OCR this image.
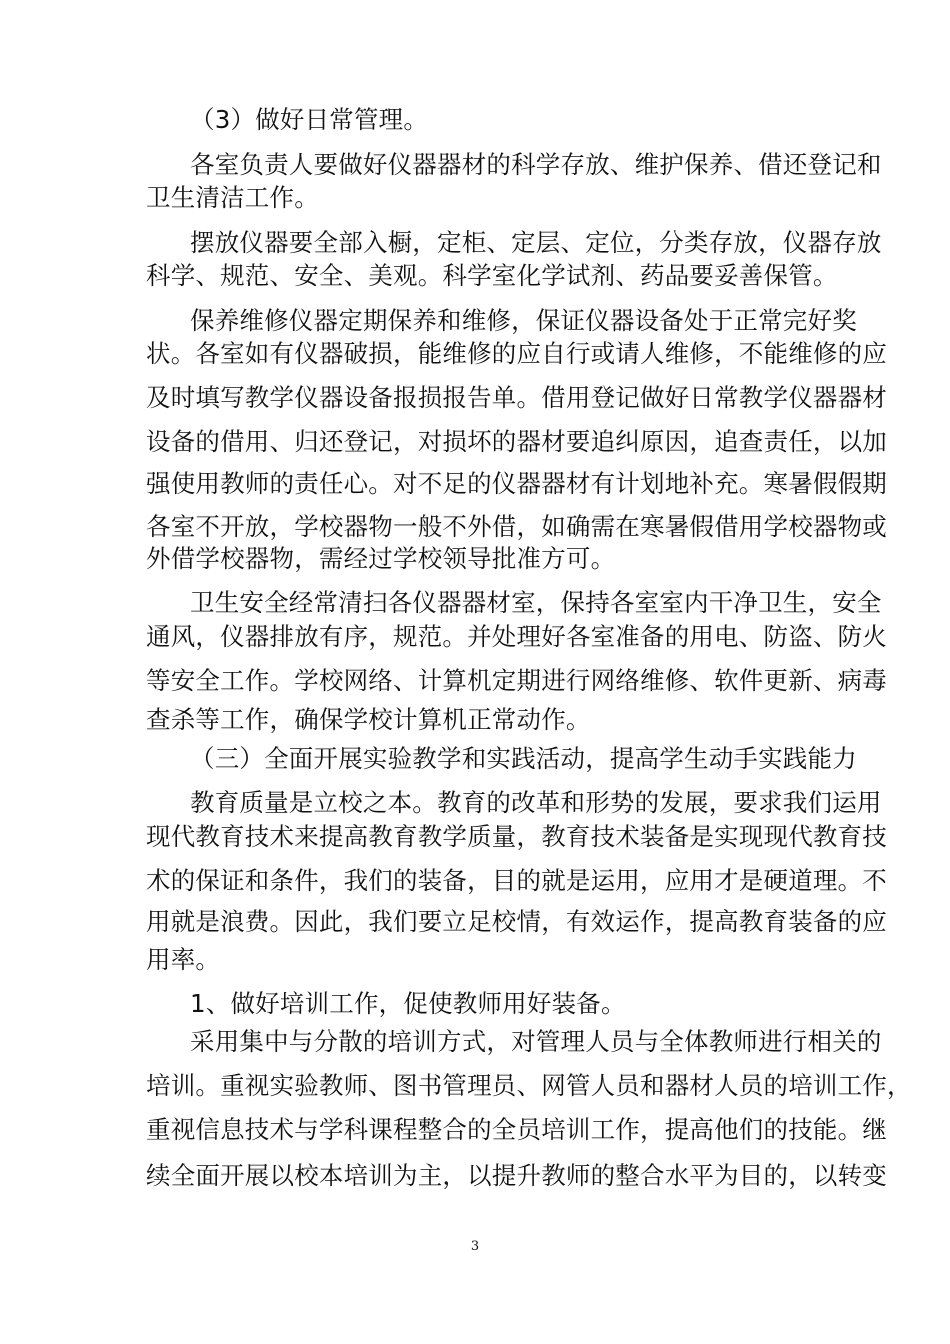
（3）做好日常管理。
各室负责人要做好仪器器材的科学存放、维护保养、借还登记和
卫生清洁工作。
摆放仪器要全部入橱，定柜、定层、定位，分类存放，仪器存放
科学、规范、安全、美观。科学室化学试剂、药品要妥善保管。
保养维修仪器定期保养和维修，保证仪器设备处于正常完好奖
状。各室如有仪器破损，能维修的应自行或请人维修，不能维修的应
及时填写教学仪器设备报损报告单。借用登记做好日常教学仪器器材
设备的借用、归还登记，对损坏的器材要追纠原因，追查责任，以加
强使用教师的责任心。对不足的仪器器材有计划地补充。寒暑假假期
各室不开放，学校器物一般不外借，如确需在寒暑假借用学校器物或
外借学校器物，需经过学校领导批准方可。
卫生安全经常清扫各仪器器材室，保持各室室内干净卫生，安全
通风，仪器排放有序，规范。并处理好各室准备的用电、防盗、防火
等安全工作。学校网络、计算机定期进行网络维修、软件更新、病毒
查杀等工作，确保学校计算机正常动作。
（三）全面开展实验教学和实践活动，提高学生动手实践能力
教育质量是立校之本。教育的改革和形势的发展，要求我们运用
现代教育技术来提高教育教学质量，教育技术装备是实现现代教育技
术的保证和条件，我们的装备，目的就是运用，应用才是硬道理。不
用就是浪费。因此，我们要立足校情，有效运作，提高教育装备的应
用率。
1、做好培训工作，促使教师用好装备。
采用集中与分散的培训方式，对管理人员与全体教师进行相关的
培训。重视实验教师、图书管理员、网管人员和器材人员的培训工作，
重视信息技术与学科课程整合的全员培训工作，提高他们的技能。继
续全面开展以校本培训为主，以提升教师的整合水平为目的，以转变
3
